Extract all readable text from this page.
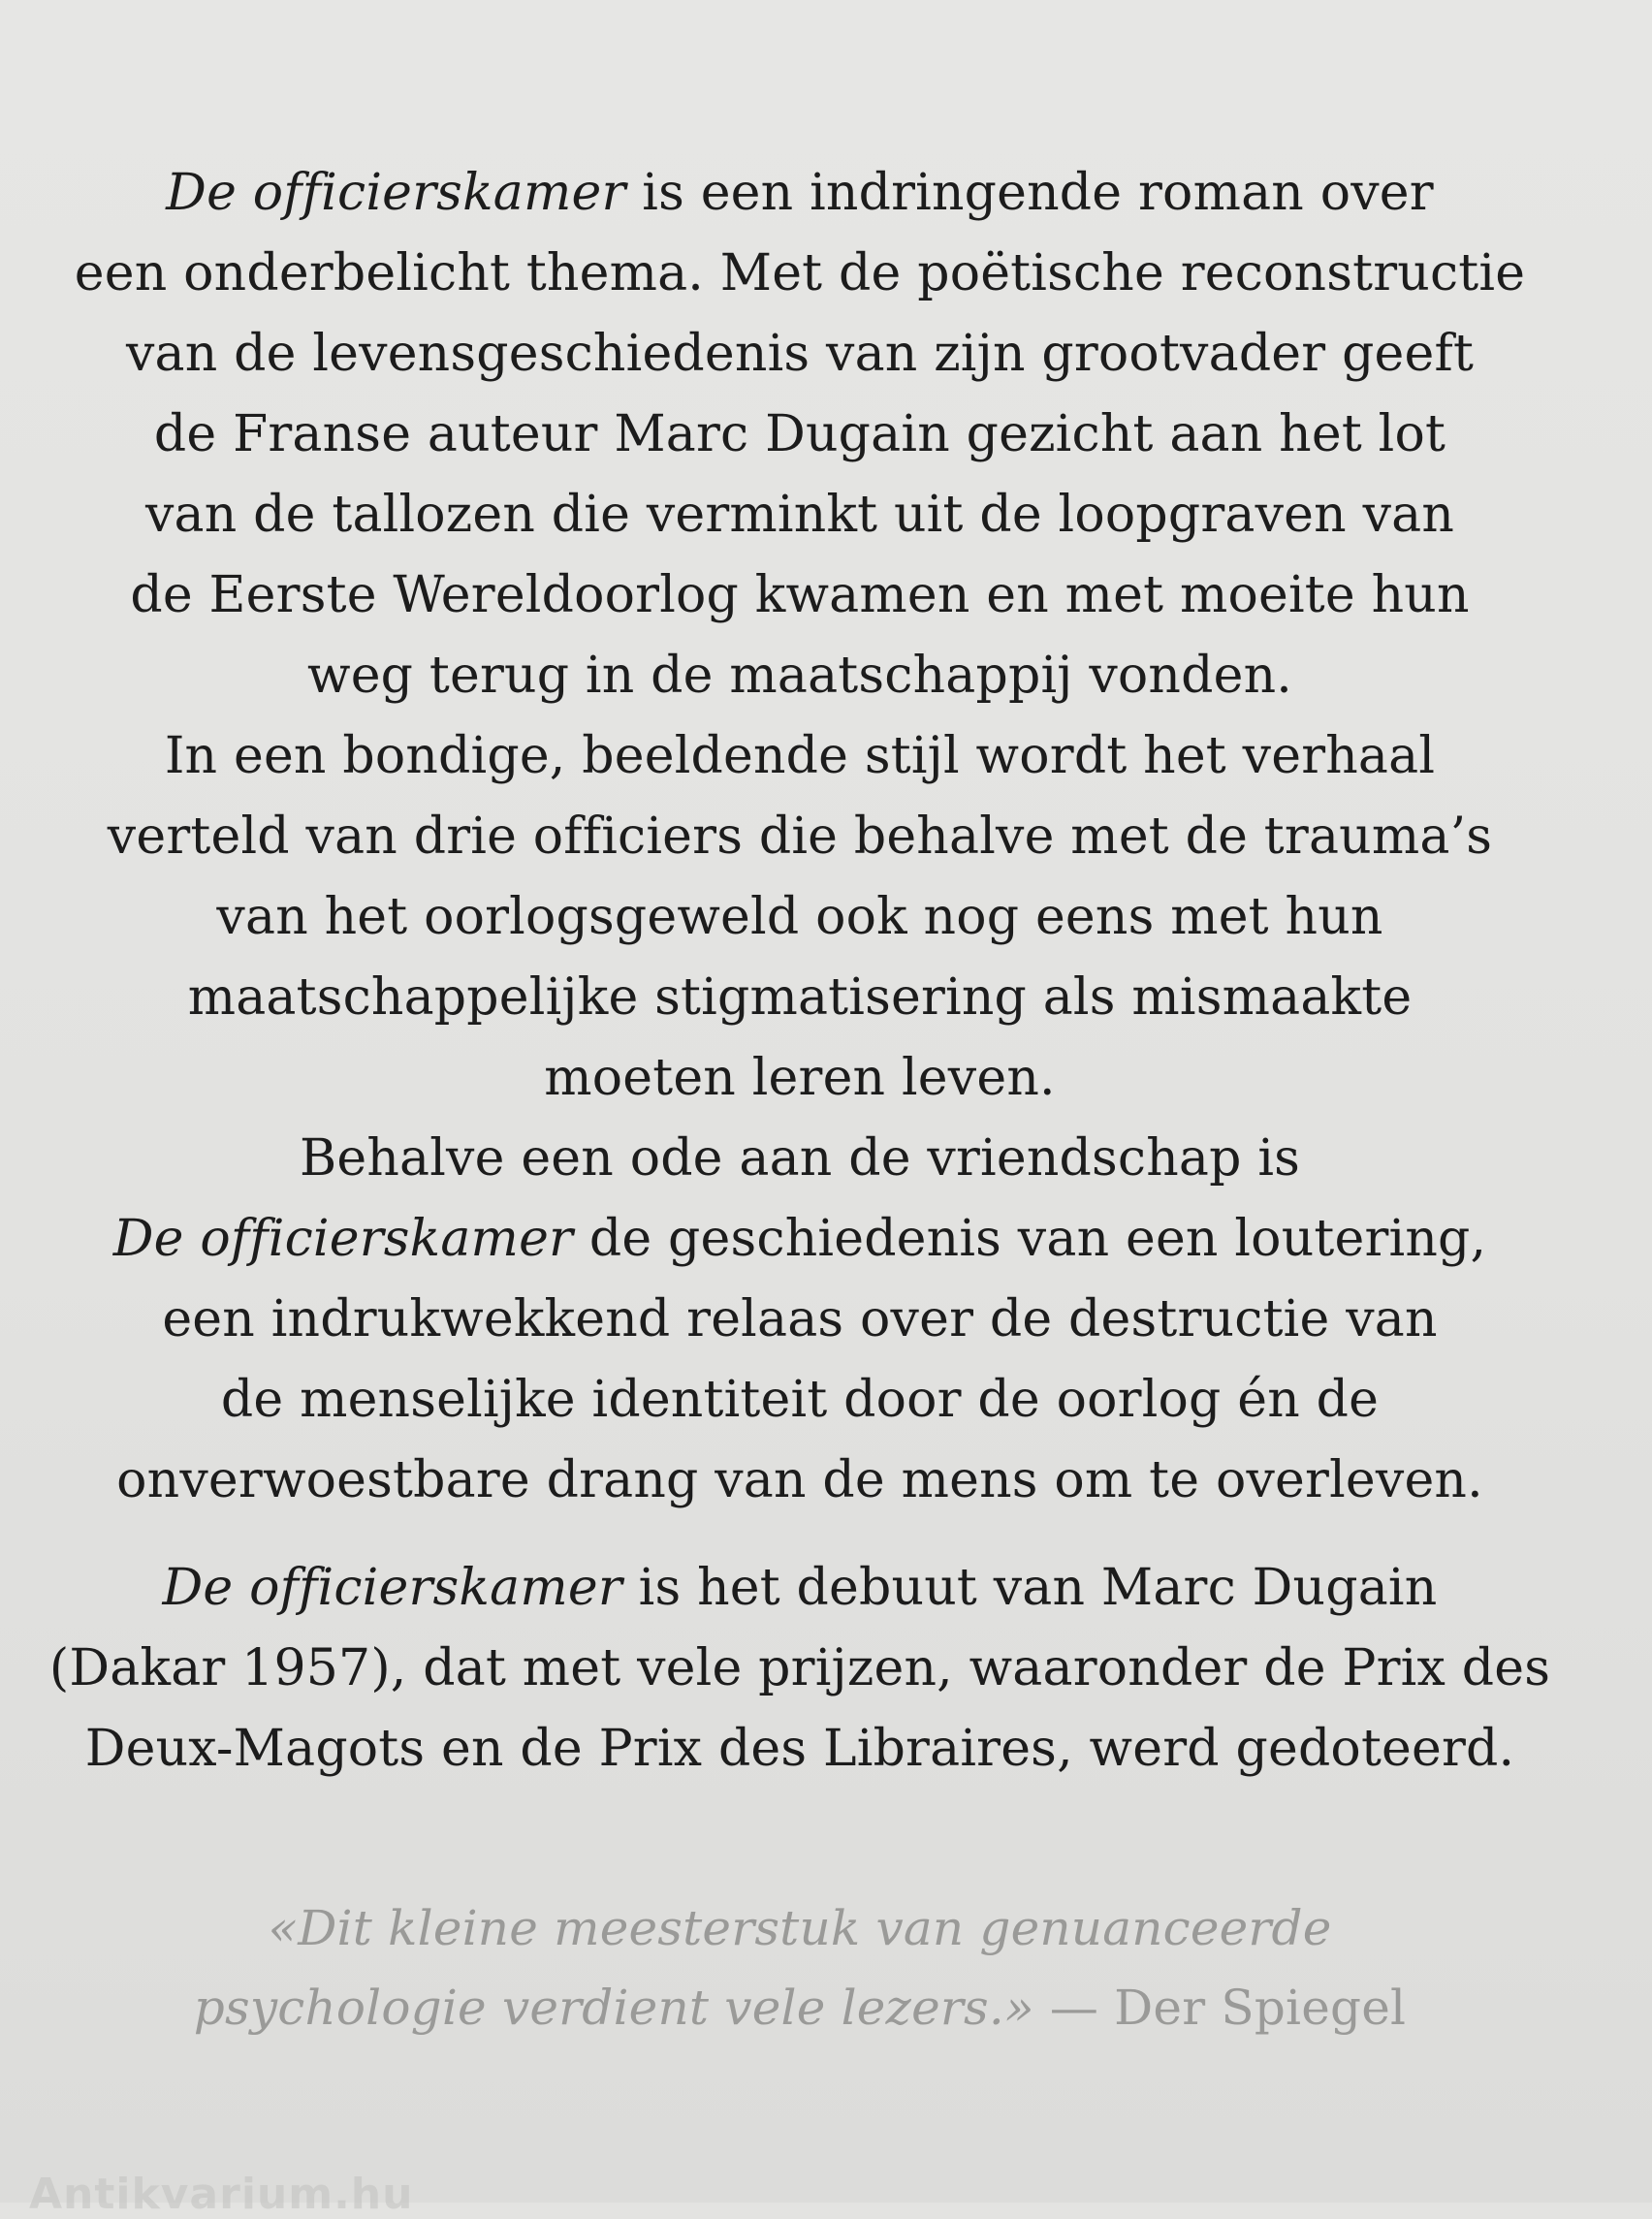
De officierskamer is een indringende roman over
een onderbelicht thema. Met de poëtische reconstructie
van de levensgeschiedenis van zijn grootvader geeft
de Franse auteur Marc Dugain gezicht aan het lot
van de tallozen die verminkt uit de loopgraven van
de Eerste Wereldoorlog kwamen en met moeite hun
weg terug in de maatschappij vonden.
In een bondige, beeldende stijl wordt het verhaal
verteld van drie officiers die behalve met de trauma’s
van het oorlogsgeweld ook nog eens met hun
maatschappelijke stigmatisering als mismaakte
moeten leren leven.
Behalve een ode aan de vriendschap is
De officierskamer de geschiedenis van een loutering,
een indrukwekkend relaas over de destructie van
de menselijke identiteit door de oorlog én de
onverwoestbare drang van de mens om te overleven.
De officierskamer is het debuut van Marc Dugain
(Dakar 1957), dat met vele prijzen, waaronder de Prix des
Deux-Magots en de Prix des Libraires, werd gedoteerd.
«Dit kleine meesterstuk van genuanceerde
psychologie verdient vele lezers.» — Der Spiegel
Antikvarium.hu
